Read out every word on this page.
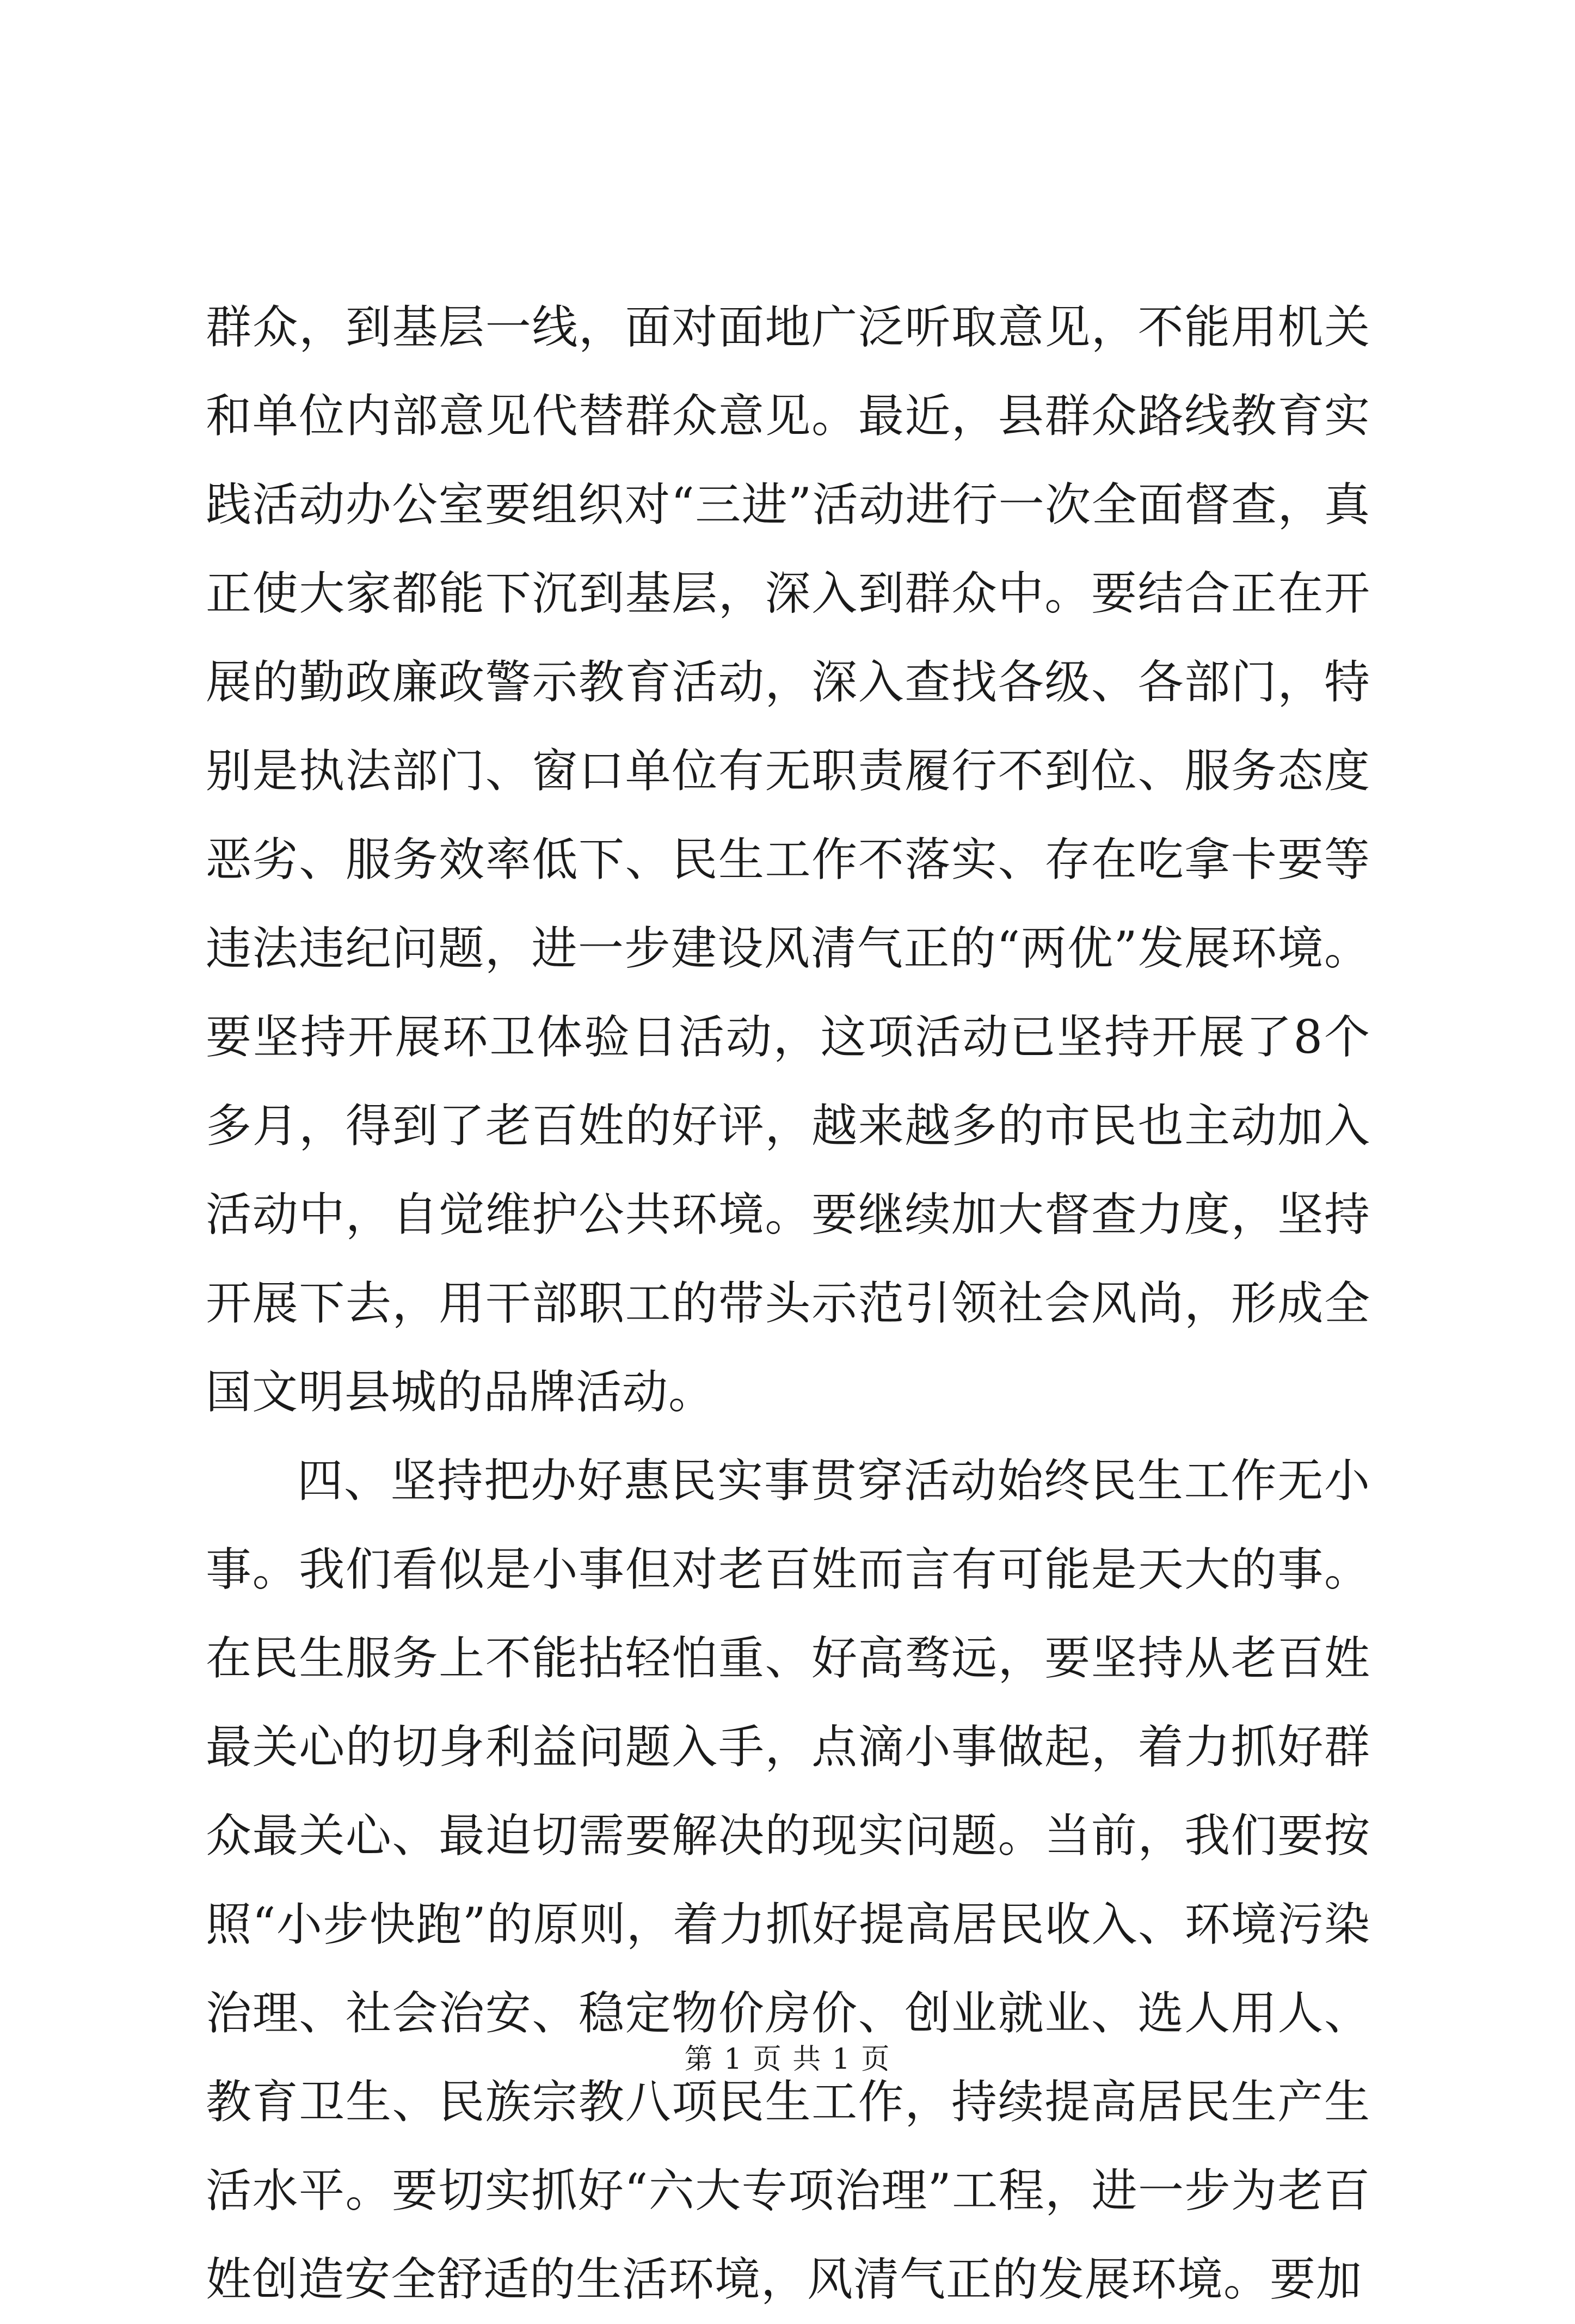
群众，到基层一线，面对面地广泛听取意见，不能用机关和单位内部意见代替群众意见。最近，县群众路线教育实践活动办公室要组织对“三进”活动进行一次全面督查，真正使大家都能下沉到基层，深入到群众中。要结合正在开展的勤政廉政警示教育活动，深入查找各级、各部门，特别是执法部门、窗口单位有无职责履行不到位、服务态度恶劣、服务效率低下、民生工作不落实、存在吃拿卡要等违法违纪问题，进一步建设风清气正的“两优”发展环境。要坚持开展环卫体验日活动，这项活动已坚持开展了8个多月，得到了老百姓的好评，越来越多的市民也主动加入活动中，自觉维护公共环境。要继续加大督查力度，坚持开展下去，用干部职工的带头示范引领社会风尚，形成全国文明县城的品牌活动。

四、坚持把办好惠民实事贯穿活动始终民生工作无小事。我们看似是小事但对老百姓而言有可能是天大的事。在民生服务上不能拈轻怕重、好高骛远，要坚持从老百姓最关心的切身利益问题入手，点滴小事做起，着力抓好群众最关心、最迫切需要解决的现实问题。当前，我们要按照“小步快跑”的原则，着力抓好提高居民收入、环境污染治理、社会治安、稳定物价房价、创业就业、选人用人、教育卫生、民族宗教八项民生工作，持续提高居民生产生活水平。要切实抓好“六大专项治理”工程，进一步为老百姓创造安全舒适的生活环境，风清气正的发展环境。要加

第 1 页 共 1 页
